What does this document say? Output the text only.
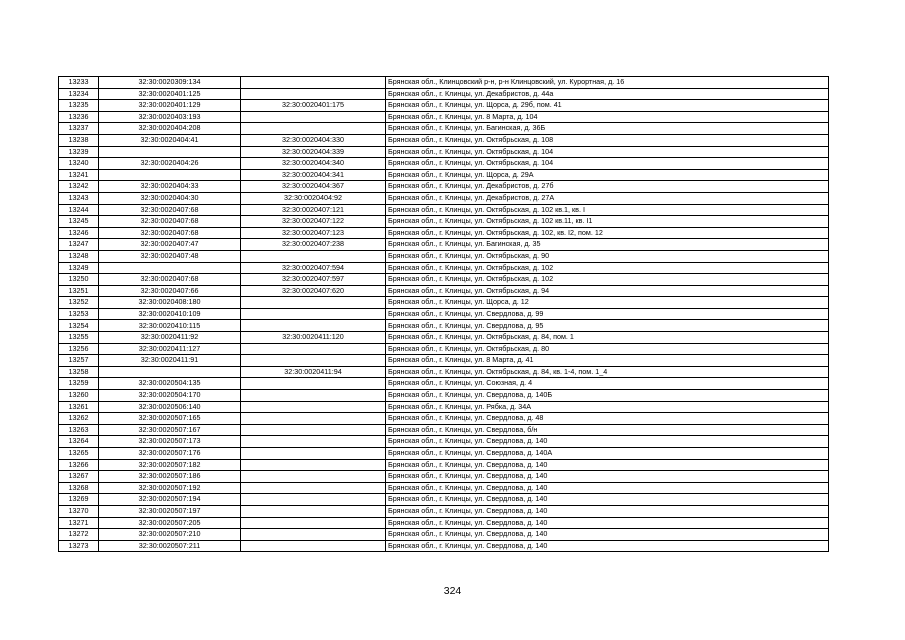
13233	32:30:0020309:134		Брянская обл., Клинцовский р-н, р-н Клинцовский, ул. Курортная, д. 16
13234	32:30:0020401:125		Брянская обл., г. Клинцы, ул. Декабристов, д. 44а
13235	32:30:0020401:129	32:30:0020401:175	Брянская обл., г. Клинцы, ул. Щорса, д. 29б, пом. 41
13236	32:30:0020403:193		Брянская обл., г. Клинцы, ул. 8 Марта, д. 104
13237	32:30:0020404:208		Брянская обл., г. Клинцы, ул. Багинская, д. 36Б
13238	32:30:0020404:41	32:30:0020404:330	Брянская обл., г. Клинцы, ул. Октябрьская, д. 108
13239		32:30:0020404:339	Брянская обл., г. Клинцы, ул. Октябрьская, д. 104
13240	32:30:0020404:26	32:30:0020404:340	Брянская обл., г. Клинцы, ул. Октябрьская, д. 104
13241		32:30:0020404:341	Брянская обл., г. Клинцы, ул. Щорса, д. 29А
13242	32:30:0020404:33	32:30:0020404:367	Брянская обл., г. Клинцы, ул. Декабристов, д. 27б
13243	32:30:0020404:30	32:30:0020404:92	Брянская обл., г. Клинцы, ул. Декабристов, д. 27А
13244	32:30:0020407:68	32:30:0020407:121	Брянская обл., г. Клинцы, ул. Октябрьская, д. 102 кв.1, кв. I
13245	32:30:0020407:68	32:30:0020407:122	Брянская обл., г. Клинцы, ул. Октябрьская, д. 102 кв.11, кв. I1
13246	32:30:0020407:68	32:30:0020407:123	Брянская обл., г. Клинцы, ул. Октябрьская, д. 102, кв. I2, пом. 12
13247	32:30:0020407:47	32:30:0020407:238	Брянская обл., г. Клинцы, ул. Багинская, д. 35
13248	32:30:0020407:48		Брянская обл., г. Клинцы, ул. Октябрьская, д. 90
13249		32:30:0020407:594	Брянская обл., г. Клинцы, ул. Октябрьская, д. 102
13250	32:30:0020407:68	32:30:0020407:597	Брянская обл., г. Клинцы, ул. Октябрьская, д. 102
13251	32:30:0020407:66	32:30:0020407:620	Брянская обл., г. Клинцы, ул. Октябрьская, д. 94
13252	32:30:0020408:180		Брянская обл., г. Клинцы, ул. Щорса, д. 12
13253	32:30:0020410:109		Брянская обл., г. Клинцы, ул. Свердлова, д. 99
13254	32:30:0020410:115		Брянская обл., г. Клинцы, ул. Свердлова, д. 95
13255	32:30:0020411:92	32:30:0020411:120	Брянская обл., г. Клинцы, ул. Октябрьская, д. 84, пом. 1
13256	32:30:0020411:127		Брянская обл., г. Клинцы, ул. Октябрьская, д. 80
13257	32:30:0020411:91		Брянская обл., г. Клинцы, ул. 8 Марта, д. 41
13258		32:30:0020411:94	Брянская обл., г. Клинцы, ул. Октябрьская, д. 84, кв. 1-4, пом. 1_4
13259	32:30:0020504:135		Брянская обл., г. Клинцы, ул. Союзная, д. 4
13260	32:30:0020504:170		Брянская обл., г. Клинцы, ул. Свердлова, д. 140Б
13261	32:30:0020506:140		Брянская обл., г. Клинцы, ул. Рябка, д. 34А
13262	32:30:0020507:165		Брянская обл., г. Клинцы, ул. Свердлова, д. 48
13263	32:30:0020507:167		Брянская обл., г. Клинцы, ул. Свердлова, б/н
13264	32:30:0020507:173		Брянская обл., г. Клинцы, ул. Свердлова, д. 140
13265	32:30:0020507:176		Брянская обл., г. Клинцы, ул. Свердлова, д. 140А
13266	32:30:0020507:182		Брянская обл., г. Клинцы, ул. Свердлова, д. 140
13267	32:30:0020507:186		Брянская обл., г. Клинцы, ул. Свердлова, д. 140
13268	32:30:0020507:192		Брянская обл., г. Клинцы, ул. Свердлова, д. 140
13269	32:30:0020507:194		Брянская обл., г. Клинцы, ул. Свердлова, д. 140
13270	32:30:0020507:197		Брянская обл., г. Клинцы, ул. Свердлова, д. 140
13271	32:30:0020507:205		Брянская обл., г. Клинцы, ул. Свердлова, д. 140
13272	32:30:0020507:210		Брянская обл., г. Клинцы, ул. Свердлова, д. 140
13273	32:30:0020507:211		Брянская обл., г. Клинцы, ул. Свердлова, д. 140
324
